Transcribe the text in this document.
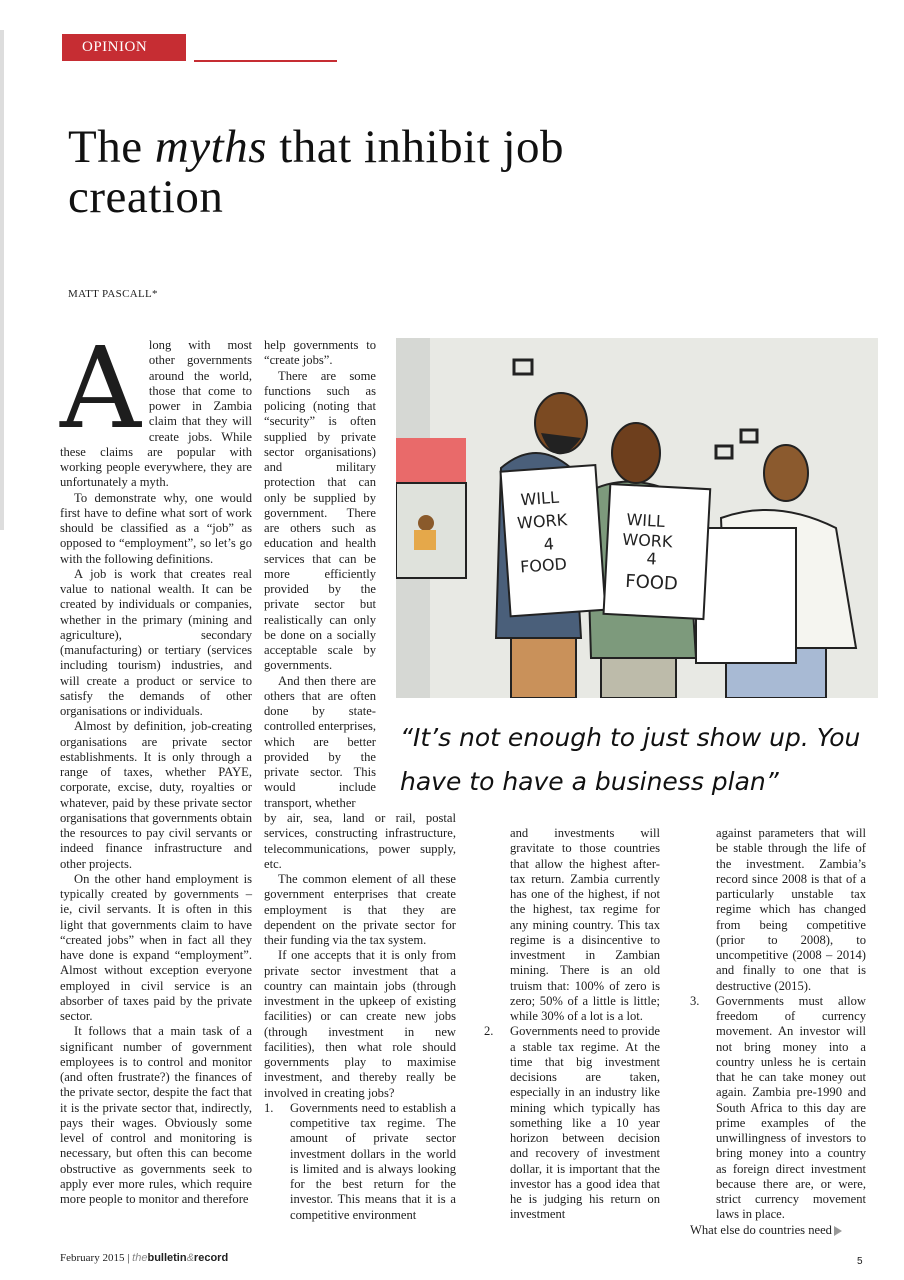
OPINION
The myths that inhibit job creation
MATT PASCALL*

Along with most other governments around the world, those that come to power in Zambia claim that they will create jobs. While these claims are popular with working people everywhere, they are unfortunately a myth.

To demonstrate why, one would first have to define what sort of work should be classified as a “job” as opposed to “employment”, so let’s go with the following definitions.

A job is work that creates real value to national wealth. It can be created by individuals or companies, whether in the primary (mining and agriculture), secondary (manufacturing) or tertiary (services including tourism) industries, and will create a product or service to satisfy the demands of other organisations or individuals.

Almost by definition, job-creating organisations are private sector establishments. It is only through a range of taxes, whether PAYE, corporate, excise, duty, royalties or whatever, paid by these private sector organisations that governments obtain the resources to pay civil servants or indeed finance infrastructure and other projects.

On the other hand employment is typically created by governments – ie, civil servants. It is often in this light that governments claim to have “created jobs” when in fact all they have done is expand “employment”. Almost without exception everyone employed in civil service is an absorber of taxes paid by the private sector.

It follows that a main task of a significant number of government employees is to control and monitor (and often frustrate?) the finances of the private sector, despite the fact that it is the private sector that, indirectly, pays their wages. Obviously some level of control and monitoring is necessary, but often this can become obstructive as governments seek to apply ever more rules, which require more people to monitor and therefore

help governments to “create jobs”.

There are some functions such as policing (noting that “security” is often supplied by private sector organisations) and military protection that can only be supplied by government. There are others such as education and health services that can be more efficiently provided by the private sector but realistically can only be done on a socially acceptable scale by governments.

And then there are others that are often done by state-controlled enterprises, which are better provided by the private sector. This would include transport, whether

by air, sea, land or rail, postal services, constructing infrastructure, telecommunications, power supply, etc.

The common element of all these government enterprises that create employment is that they are dependent on the private sector for their funding via the tax system.

If one accepts that it is only from private sector investment that a country can maintain jobs (through investment in the upkeep of existing facilities) or can create new jobs (through investment in new facilities), then what role should governments play to maximise investment, and thereby really be involved in creating jobs?

1. Governments need to establish a competitive tax regime. The amount of private sector investment dollars in the world is limited and is always looking for the best return for the investor. This means that it is a competitive environment
and investments will gravitate to those countries that allow the highest after-tax return. Zambia currently has one of the highest, if not the highest, tax regime for any mining country. This tax regime is a disincentive to investment in Zambian mining. There is an old truism that: 100% of zero is zero; 50% of a little is little; while 30% of a lot is a lot.
2. Governments need to provide a stable tax regime. At the time that big investment decisions are taken, especially in an industry like mining which typically has something like a 10 year horizon between decision and recovery of investment dollar, it is important that the investor has a good idea that he is judging his return on investment
against parameters that will be stable through the life of the investment. Zambia’s record since 2008 is that of a particularly unstable tax regime which has changed from being competitive (prior to 2008), to uncompetitive (2008 – 2014) and finally to one that is destructive (2015).
3. Governments must allow freedom of currency movement. An investor will not bring money into a country unless he is certain that he can take money out again. Zambia pre-1990 and South Africa to this day are prime examples of the unwillingness of investors to bring money into a country as foreign direct investment because there are, or were, strict currency movement laws in place.

What else do countries need

WILL
WORK
4
FOOD
WILL
WORK
4
FOOD
“It’s not enough to just show up. You have to have a business plan”
February 2015 | thebulletin&record	5
